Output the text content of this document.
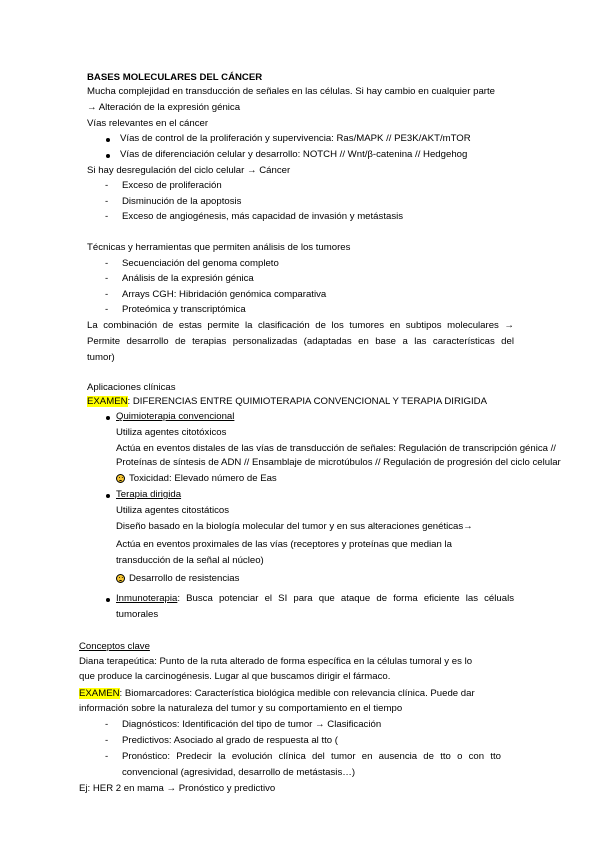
BASES MOLECULARES DEL CÁNCER
Mucha complejidad en transducción de señales en las células. Si hay cambio en cualquier parte
→ Alteración de la expresión génica
Vías relevantes en el cáncer
Vías de control de la proliferación y supervivencia: Ras/MAPK // PE3K/AKT/mTOR
Vías de diferenciación celular y desarrollo: NOTCH // Wnt/β-catenina // Hedgehog
Si hay desregulación del ciclo celular → Cáncer
- Exceso de proliferación
- Disminución de la apoptosis
- Exceso de angiogénesis, más capacidad de invasión y metástasis
Técnicas y herramientas que permiten análisis de los tumores
- Secuenciación del genoma completo
- Análisis de la expresión génica
- Arrays CGH: Hibridación genómica comparativa
- Proteómica y transcriptómica
La combinación de estas permite la clasificación de los tumores en subtipos moleculares →
Permite desarrollo de terapias personalizadas (adaptadas en base a las características del
tumor)
Aplicaciones clínicas
EXAMEN: DIFERENCIAS ENTRE QUIMIOTERAPIA CONVENCIONAL Y TERAPIA DIRIGIDA
Quimioterapia convencional
Utiliza agentes citotóxicos
Actúa en eventos distales de las vías de transducción de señales: Regulación de transcripción génica //
Proteínas de síntesis de ADN // Ensamblaje de microtúbulos // Regulación de progresión del ciclo celular
Toxicidad: Elevado número de Eas
Terapia dirigida
Utiliza agentes citostáticos
Diseño basado en la biología molecular del tumor y en sus alteraciones genéticas→
Actúa en eventos proximales de las vías (receptores y proteínas que median la
transducción de la señal al núcleo)
Desarrollo de resistencias
Inmunoterapia : Busca potenciar el SI para que ataque de forma eficiente las céluals
tumorales
Conceptos clave
Diana terapeútica: Punto de la ruta alterado de forma específica en la células tumoral y es lo
que produce la carcinogénesis. Lugar al que buscamos dirigir el fármaco.
EXAMEN: Biomarcadores: Característica biológica medible con relevancia clínica. Puede dar
información sobre la naturaleza del tumor y su comportamiento en el tiempo
- Diagnósticos: Identificación del tipo de tumor → Clasificación
- Predictivos: Asociado al grado de respuesta al tto (
- Pronóstico: Predecir la evolución clínica del tumor en ausencia de tto o con tto
convencional (agresividad, desarrollo de metástasis…)
Ej: HER 2 en mama → Pronóstico y predictivo
